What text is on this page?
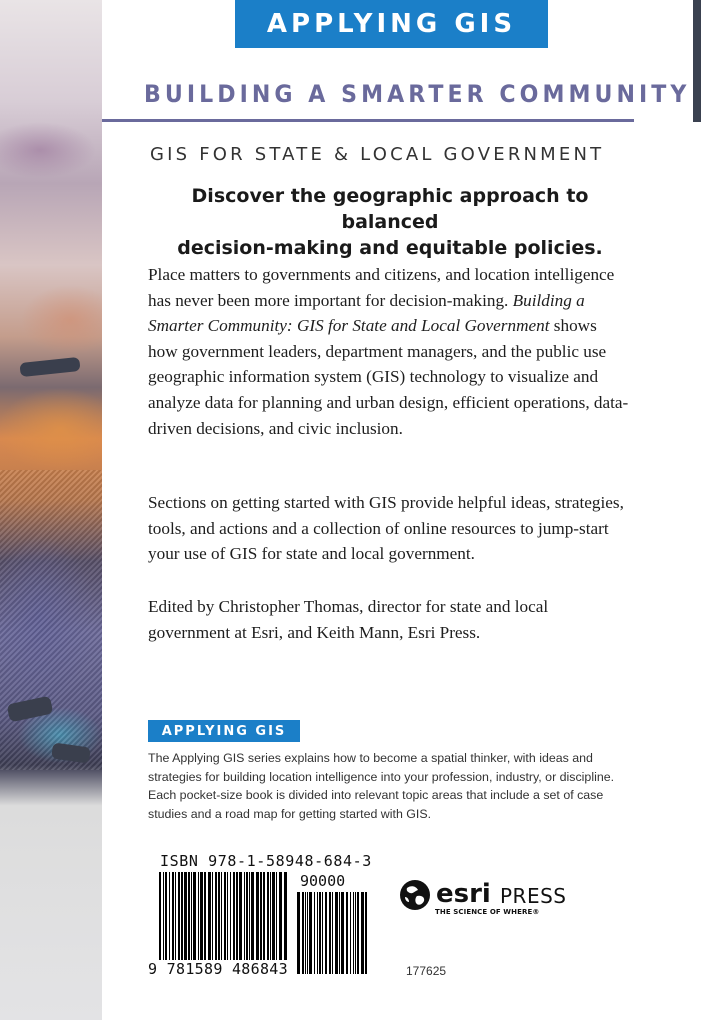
APPLYING GIS
BUILDING A SMARTER COMMUNITY
GIS FOR STATE & LOCAL GOVERNMENT
Discover the geographic approach to balanced
decision-making and equitable policies.

Place matters to governments and citizens, and location intelligence has never been more important for decision-making. Building a Smarter Community: GIS for State and Local Government shows how government leaders, department managers, and the public use geographic information system (GIS) technology to visualize and analyze data for planning and urban design, efficient operations, data-driven decisions, and civic inclusion.

Sections on getting started with GIS provide helpful ideas, strategies, tools, and actions and a collection of online resources to jump-start your use of GIS for state and local government.

Edited by Christopher Thomas, director for state and local government at Esri, and Keith Mann, Esri Press.

APPLYING GIS

The Applying GIS series explains how to become a spatial thinker, with ideas and strategies for building location intelligence into your profession, industry, or discipline. Each pocket-size book is divided into relevant topic areas that include a set of case studies and a road map for getting started with GIS.

ISBN 978-1-58948-684-3
90000
9 781589 486843
esri PRESS
THE SCIENCE OF WHERE®
177625
